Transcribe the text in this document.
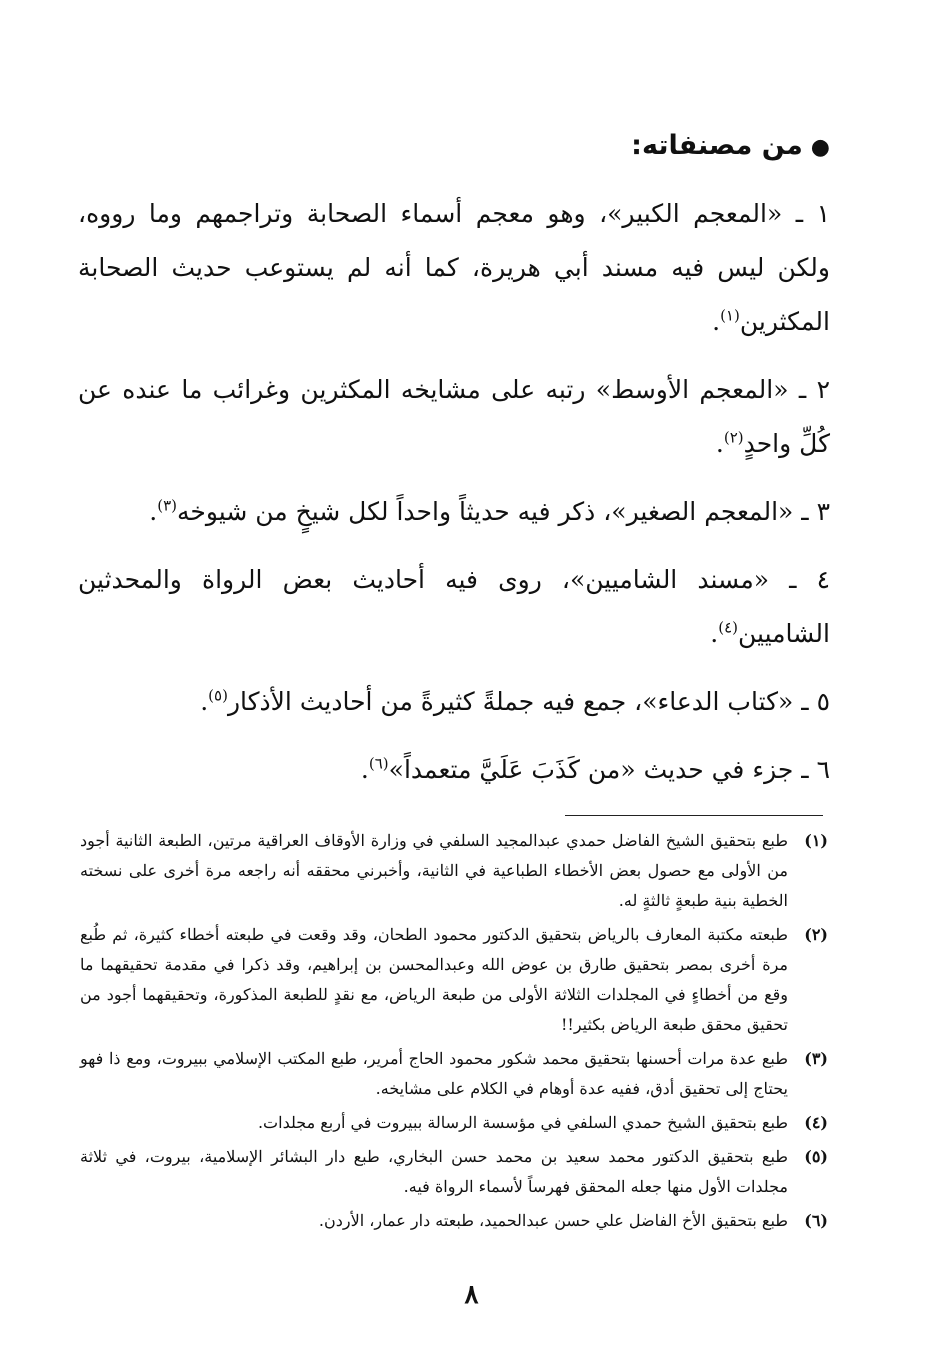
●من مصنفاته:

١ ـ «المعجم الكبير»، وهو معجم أسماء الصحابة وتراجمهم وما رووه، ولكن ليس فيه مسند أبي هريرة، كما أنه لم يستوعب حديث الصحابة المكثرين$^{(١)}$.

٢ ـ «المعجم الأوسط» رتبه على مشايخه المكثرين وغرائب ما عنده عن كُلِّ واحدٍ$^{(٢)}$.

٣ ـ «المعجم الصغير»، ذكر فيه حديثاً واحداً لكل شيخٍ من شيوخه$^{(٣)}$.

٤ ـ «مسند الشاميين»، روى فيه أحاديث بعض الرواة والمحدثين الشاميين$^{(٤)}$.

٥ ـ «كتاب الدعاء»، جمع فيه جملةً كثيرةً من أحاديث الأذكار$^{(٥)}$.

٦ ـ جزء في حديث «من كَذَبَ عَلَيَّ متعمداً»$^{(٦)}$.

(١)
طبع بتحقيق الشيخ الفاضل حمدي عبدالمجيد السلفي في وزارة الأوقاف العراقية مرتين، الطبعة الثانية أجود من الأولى مع حصول بعض الأخطاء الطباعية في الثانية، وأخبرني محققه أنه راجعه مرة أخرى على نسخته الخطية بنية طبعةٍ ثالثةٍ له.
(٢)
طبعته مكتبة المعارف بالرياض بتحقيق الدكتور محمود الطحان، وقد وقعت في طبعته أخطاء كثيرة، ثم طُبع مرة أخرى بمصر بتحقيق طارق بن عوض الله وعبدالمحسن بن إبراهيم، وقد ذكرا في مقدمة تحقيقهما ما وقع من أخطاءٍ في المجلدات الثلاثة الأولى من طبعة الرياض، مع نقدٍ للطبعة المذكورة، وتحقيقهما أجود من تحقيق محقق طبعة الرياض بكثير!!
(٣)
طبع عدة مرات أحسنها بتحقيق محمد شكور محمود الحاج أمرير، طبع المكتب الإسلامي ببيروت، ومع ذا فهو يحتاج إلى تحقيق أدق، ففيه عدة أوهام في الكلام على مشايخه.
(٤)
طبع بتحقيق الشيخ حمدي السلفي في مؤسسة الرسالة ببيروت في أربع مجلدات.
(٥)
طبع بتحقيق الدكتور محمد سعيد بن محمد حسن البخاري، طبع دار البشائر الإسلامية، بيروت، في ثلاثة مجلدات الأول منها جعله المحقق فهرساً لأسماء الرواة فيه.
(٦)
طبع بتحقيق الأخ الفاضل علي حسن عبدالحميد، طبعته دار عمار، الأردن.
٨
